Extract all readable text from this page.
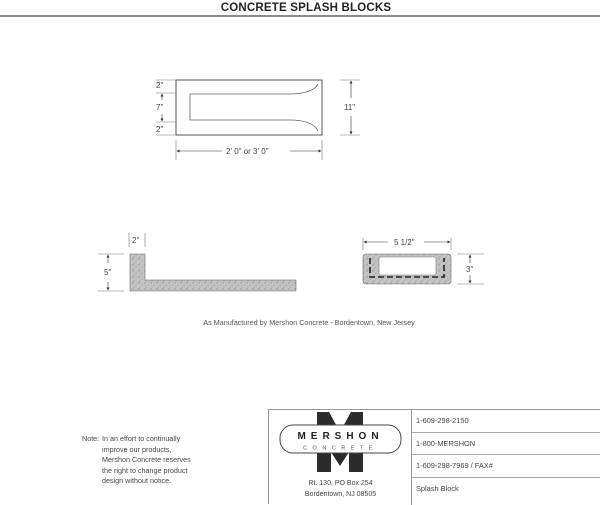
CONCRETE SPLASH BLOCKS
2"
7"
2"
11"
2' 0" or 3' 0"
2"
5"
5 1/2"
3"
As Manufactured by Mershon Concrete - Bordentown, New Jersey
Note: In an effort to continually
improve our products,
Mershon Concrete reserves
the right to change product
design without notice.
MERSHON
CONCRETE
Rt. 130, PO Box 254
Bordentown, NJ 08505
1-609-298-2150
1-800-MERSHON
1-609-298-7969 / FAX#
Splash Block
